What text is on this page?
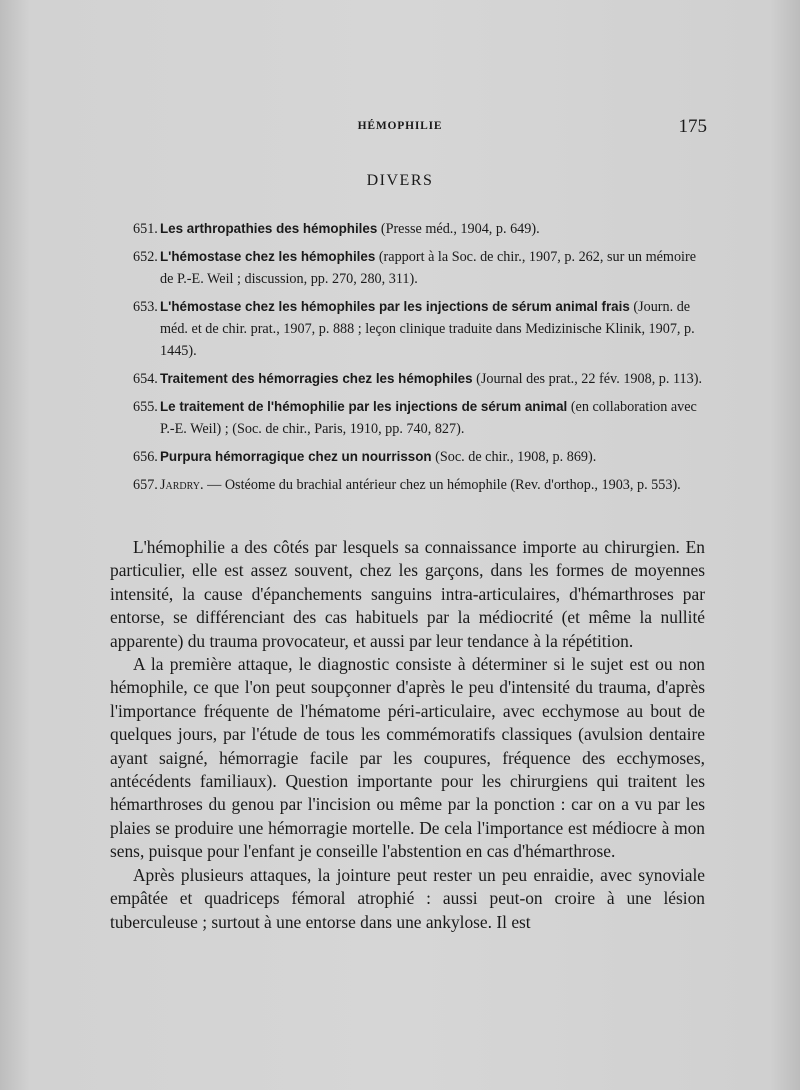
HÉMOPHILIE	175
DIVERS
651. Les arthropathies des hémophiles (Presse méd., 1904, p. 649).
652. L'hémostase chez les hémophiles (rapport à la Soc. de chir., 1907, p. 262, sur un mémoire de P.-E. Weil ; discussion, pp. 270, 280, 311).
653. L'hémostase chez les hémophiles par les injections de sérum animal frais (Journ. de méd. et de chir. prat., 1907, p. 888 ; leçon clinique traduite dans Medizinische Klinik, 1907, p. 1445).
654. Traitement des hémorragies chez les hémophiles (Journal des prat., 22 fév. 1908, p. 113).
655. Le traitement de l'hémophilie par les injections de sérum animal (en collaboration avec P.-E. Weil) ; (Soc. de chir., Paris, 1910, pp. 740, 827).
656. Purpura hémorragique chez un nourrisson (Soc. de chir., 1908, p. 869).
657. Jardry. — Ostéome du brachial antérieur chez un hémophile (Rev. d'orthop., 1903, p. 553).

L'hémophilie a des côtés par lesquels sa connaissance importe au chirurgien. En particulier, elle est assez souvent, chez les garçons, dans les formes de moyennes intensité, la cause d'épanchements sanguins intra-articulaires, d'hémarthroses par entorse, se différenciant des cas habituels par la médiocrité (et même la nullité apparente) du trauma provocateur, et aussi par leur tendance à la répétition.

A la première attaque, le diagnostic consiste à déterminer si le sujet est ou non hémophile, ce que l'on peut soupçonner d'après le peu d'intensité du trauma, d'après l'importance fréquente de l'hématome péri-articulaire, avec ecchymose au bout de quelques jours, par l'étude de tous les commémoratifs classiques (avulsion dentaire ayant saigné, hémorragie facile par les coupures, fréquence des ecchymoses, antécédents familiaux). Question importante pour les chirurgiens qui traitent les hémarthroses du genou par l'incision ou même par la ponction : car on a vu par les plaies se produire une hémorragie mortelle. De cela l'importance est médiocre à mon sens, puisque pour l'enfant je conseille l'abstention en cas d'hémarthrose.

Après plusieurs attaques, la jointure peut rester un peu enraidie, avec synoviale empâtée et quadriceps fémoral atrophié : aussi peut-on croire à une lésion tuberculeuse ; surtout à une entorse dans une ankylose. Il est
